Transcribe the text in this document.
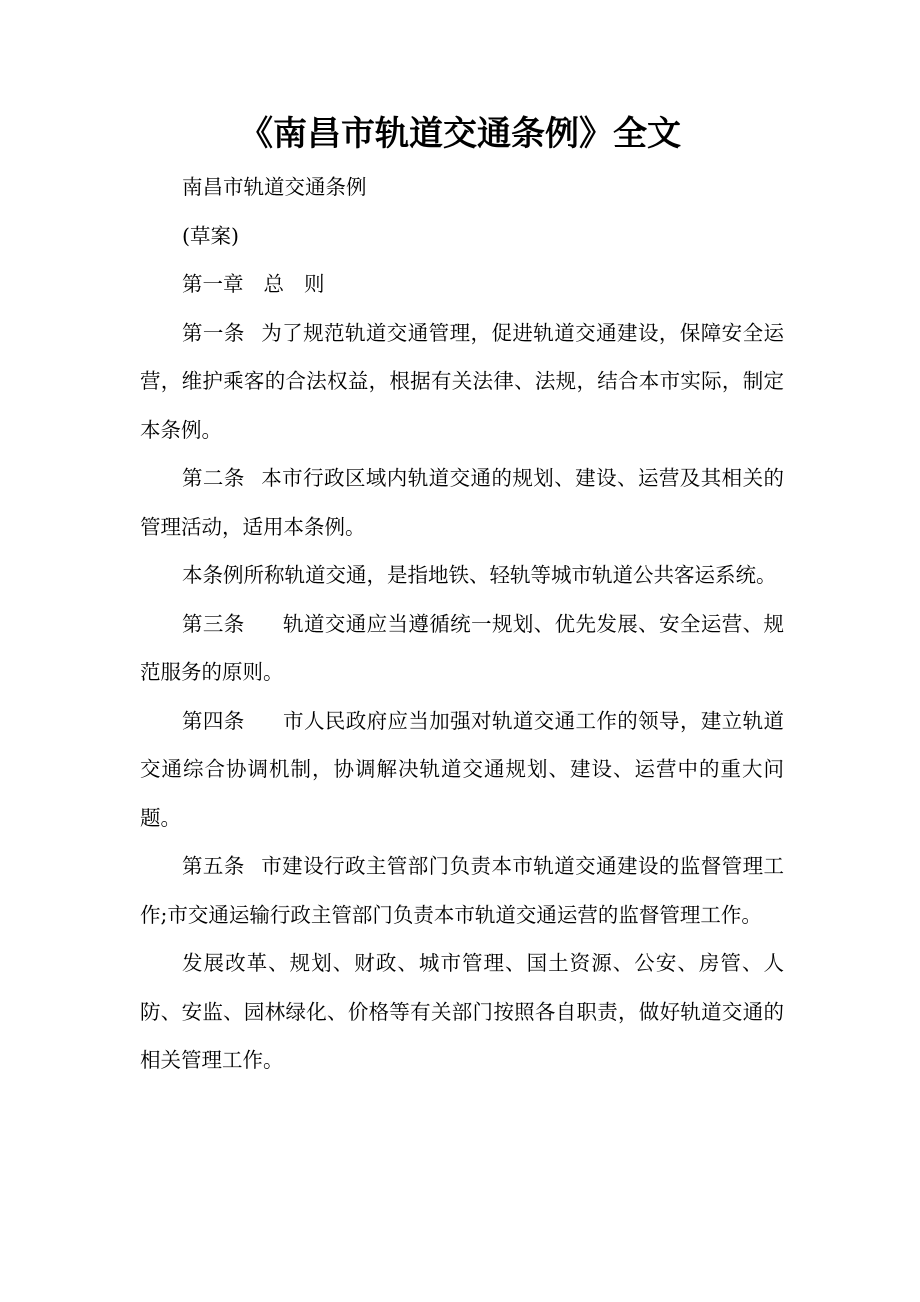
《南昌市轨道交通条例》全文

南昌市轨道交通条例

(草案)

第一章 总 则

第一条 为了规范轨道交通管理，促进轨道交通建设，保障安全运营，维护乘客的合法权益，根据有关法律、法规，结合本市实际，制定本条例。

第二条 本市行政区域内轨道交通的规划、建设、运营及其相关的管理活动，适用本条例。

本条例所称轨道交通，是指地铁、轻轨等城市轨道公共客运系统。

第三条 轨道交通应当遵循统一规划、优先发展、安全运营、规范服务的原则。

第四条 市人民政府应当加强对轨道交通工作的领导，建立轨道交通综合协调机制，协调解决轨道交通规划、建设、运营中的重大问题。

第五条 市建设行政主管部门负责本市轨道交通建设的监督管理工作;市交通运输行政主管部门负责本市轨道交通运营的监督管理工作。

发展改革、规划、财政、城市管理、国土资源、公安、房管、人防、安监、园林绿化、价格等有关部门按照各自职责，做好轨道交通的相关管理工作。
